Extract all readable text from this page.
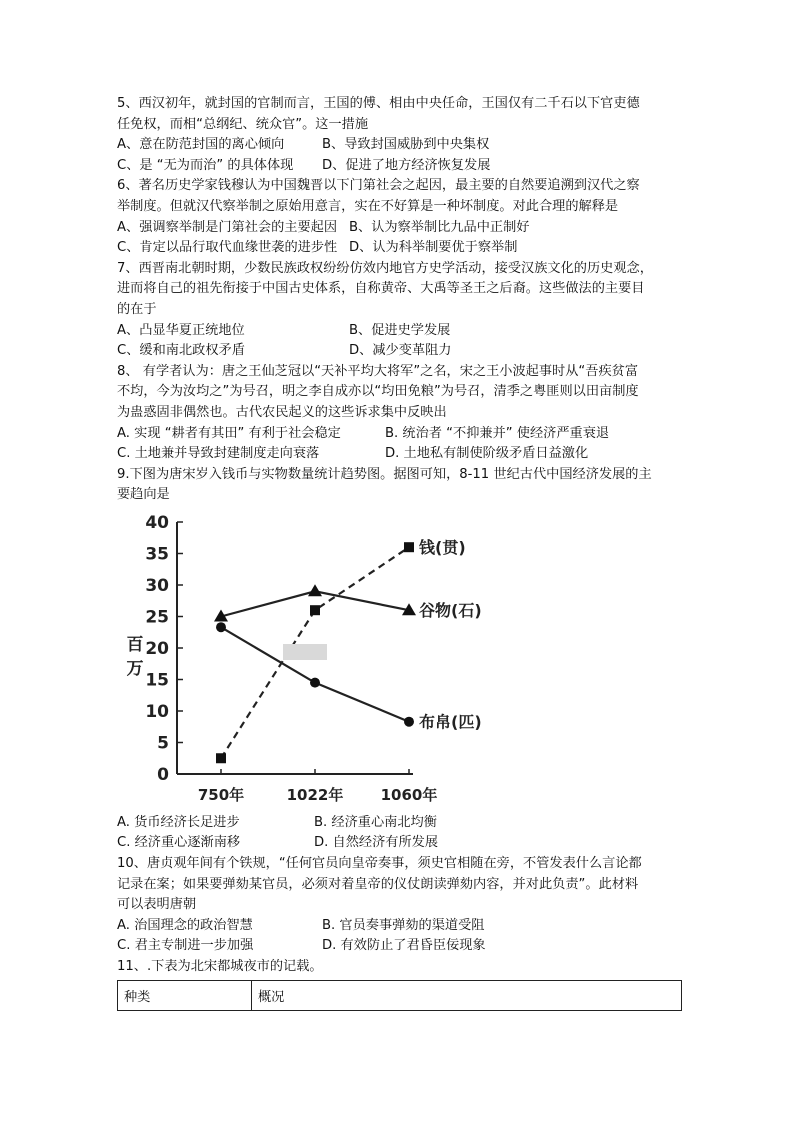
5、西汉初年，就封国的官制而言，王国的傅、相由中央任命，王国仅有二千石以下官吏德
任免权，而相“总纲纪、统众官”。这一措施
A、意在防范封国的离心倾向	B、导致封国威胁到中央集权
C、是 “无为而治” 的具体体现	D、促进了地方经济恢复发展
6、著名历史学家钱穆认为中国魏晋以下门第社会之起因，最主要的自然要追溯到汉代之察
举制度。但就汉代察举制之原始用意言，实在不好算是一种坏制度。对此合理的解释是
A、强调察举制是门第社会的主要起因 B、认为察举制比九品中正制好
C、肯定以品行取代血缘世袭的进步性 D、认为科举制要优于察举制
7、西晋南北朝时期，少数民族政权纷纷仿效内地官方史学活动，接受汉族文化的历史观念，
进而将自己的祖先衔接于中国古史体系，自称黄帝、大禹等圣王之后裔。这些做法的主要目
的在于
A、凸显华夏正统地位	B、促进史学发展
C、缓和南北政权矛盾	D、减少变革阻力
8、 有学者认为：唐之王仙芝冠以“天补平均大将军”之名，宋之王小波起事时从“吾疾贫富
不均，今为汝均之”为号召，明之李自成亦以“均田免粮”为号召，清季之粤匪则以田亩制度
为蛊惑固非偶然也。古代农民起义的这些诉求集中反映出
A. 实现 “耕者有其田” 有利于社会稳定	B. 统治者 “不抑兼并” 使经济严重衰退
C. 土地兼并导致封建制度走向衰落	D. 土地私有制使阶级矛盾日益激化
9.下图为唐宋岁入钱币与实物数量统计趋势图。据图可知，8-11 世纪古代中国经济发展的主
要趋向是
0
5
10
15
20
25
30
35
40
750年	1022年 1060年
百
万
钱(贯)
谷物(石)
布帛(匹)
A. 货币经济长足进步	B. 经济重心南北均衡
C. 经济重心逐渐南移	D. 自然经济有所发展
10、唐贞观年间有个铁规，“任何官员向皇帝奏事，须史官相随在旁，不管发表什么言论都
记录在案；如果要弹劾某官员，必须对着皇帝的仪仗朗读弹劾内容，并对此负责”。此材料
可以表明唐朝
A. 治国理念的政治智慧	B. 官员奏事弹劾的渠道受阻
C. 君主专制进一步加强	D. 有效防止了君昏臣佞现象
11、.下表为北宋都城夜市的记载。
种类	概况
